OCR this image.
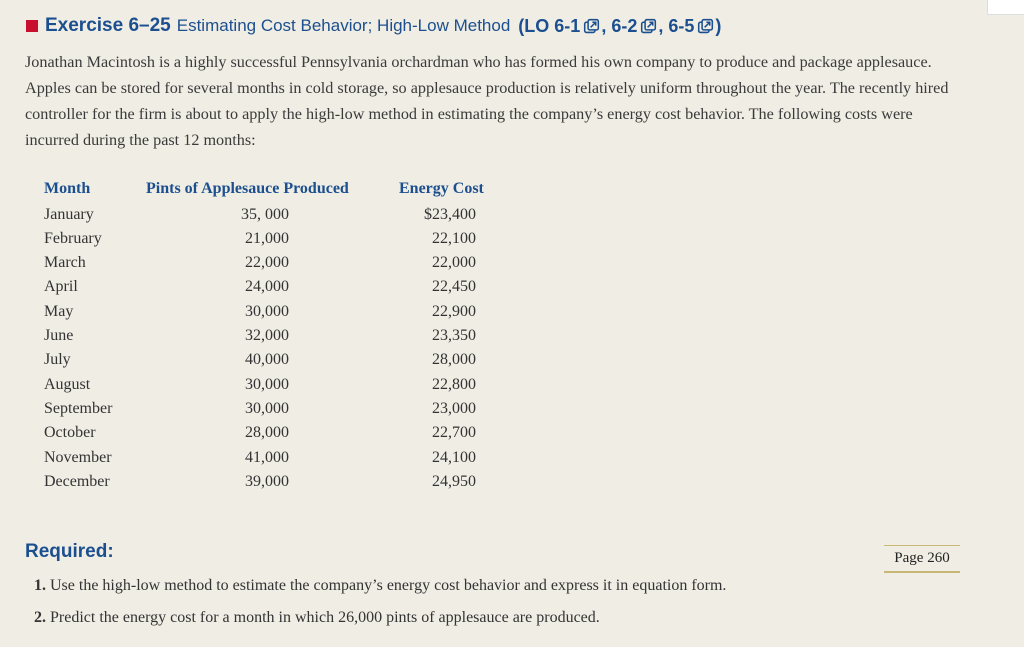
Exercise 6–25 Estimating Cost Behavior; High-Low Method (LO
6-1 , 6-2 , 6-5 )

Jonathan Macintosh is a highly successful Pennsylvania orchardman who has formed his own company to produce and package applesauce. Apples can be stored for several months in cold storage, so applesauce production is relatively uniform throughout the year. The recently hired controller for the firm is about to apply the high-low method in estimating the company’s energy cost behavior. The following costs were incurred during the past 12 months:

Month	Pints of Applesauce Produced	Energy Cost
January	35, 000	$23,400
February	21,000	22,100
March	22,000	22,000
April	24,000	22,450
May	30,000	22,900
June	32,000	23,350
July	40,000	28,000
August	30,000	22,800
September	30,000	23,000
October	28,000	22,700
November	41,000	24,100
December	39,000	24,950
Required:	Page 260
1. Use the high-low method to estimate the company’s energy cost behavior and express it in equation form.
2. Predict the energy cost for a month in which 26,000 pints of applesauce are produced.
